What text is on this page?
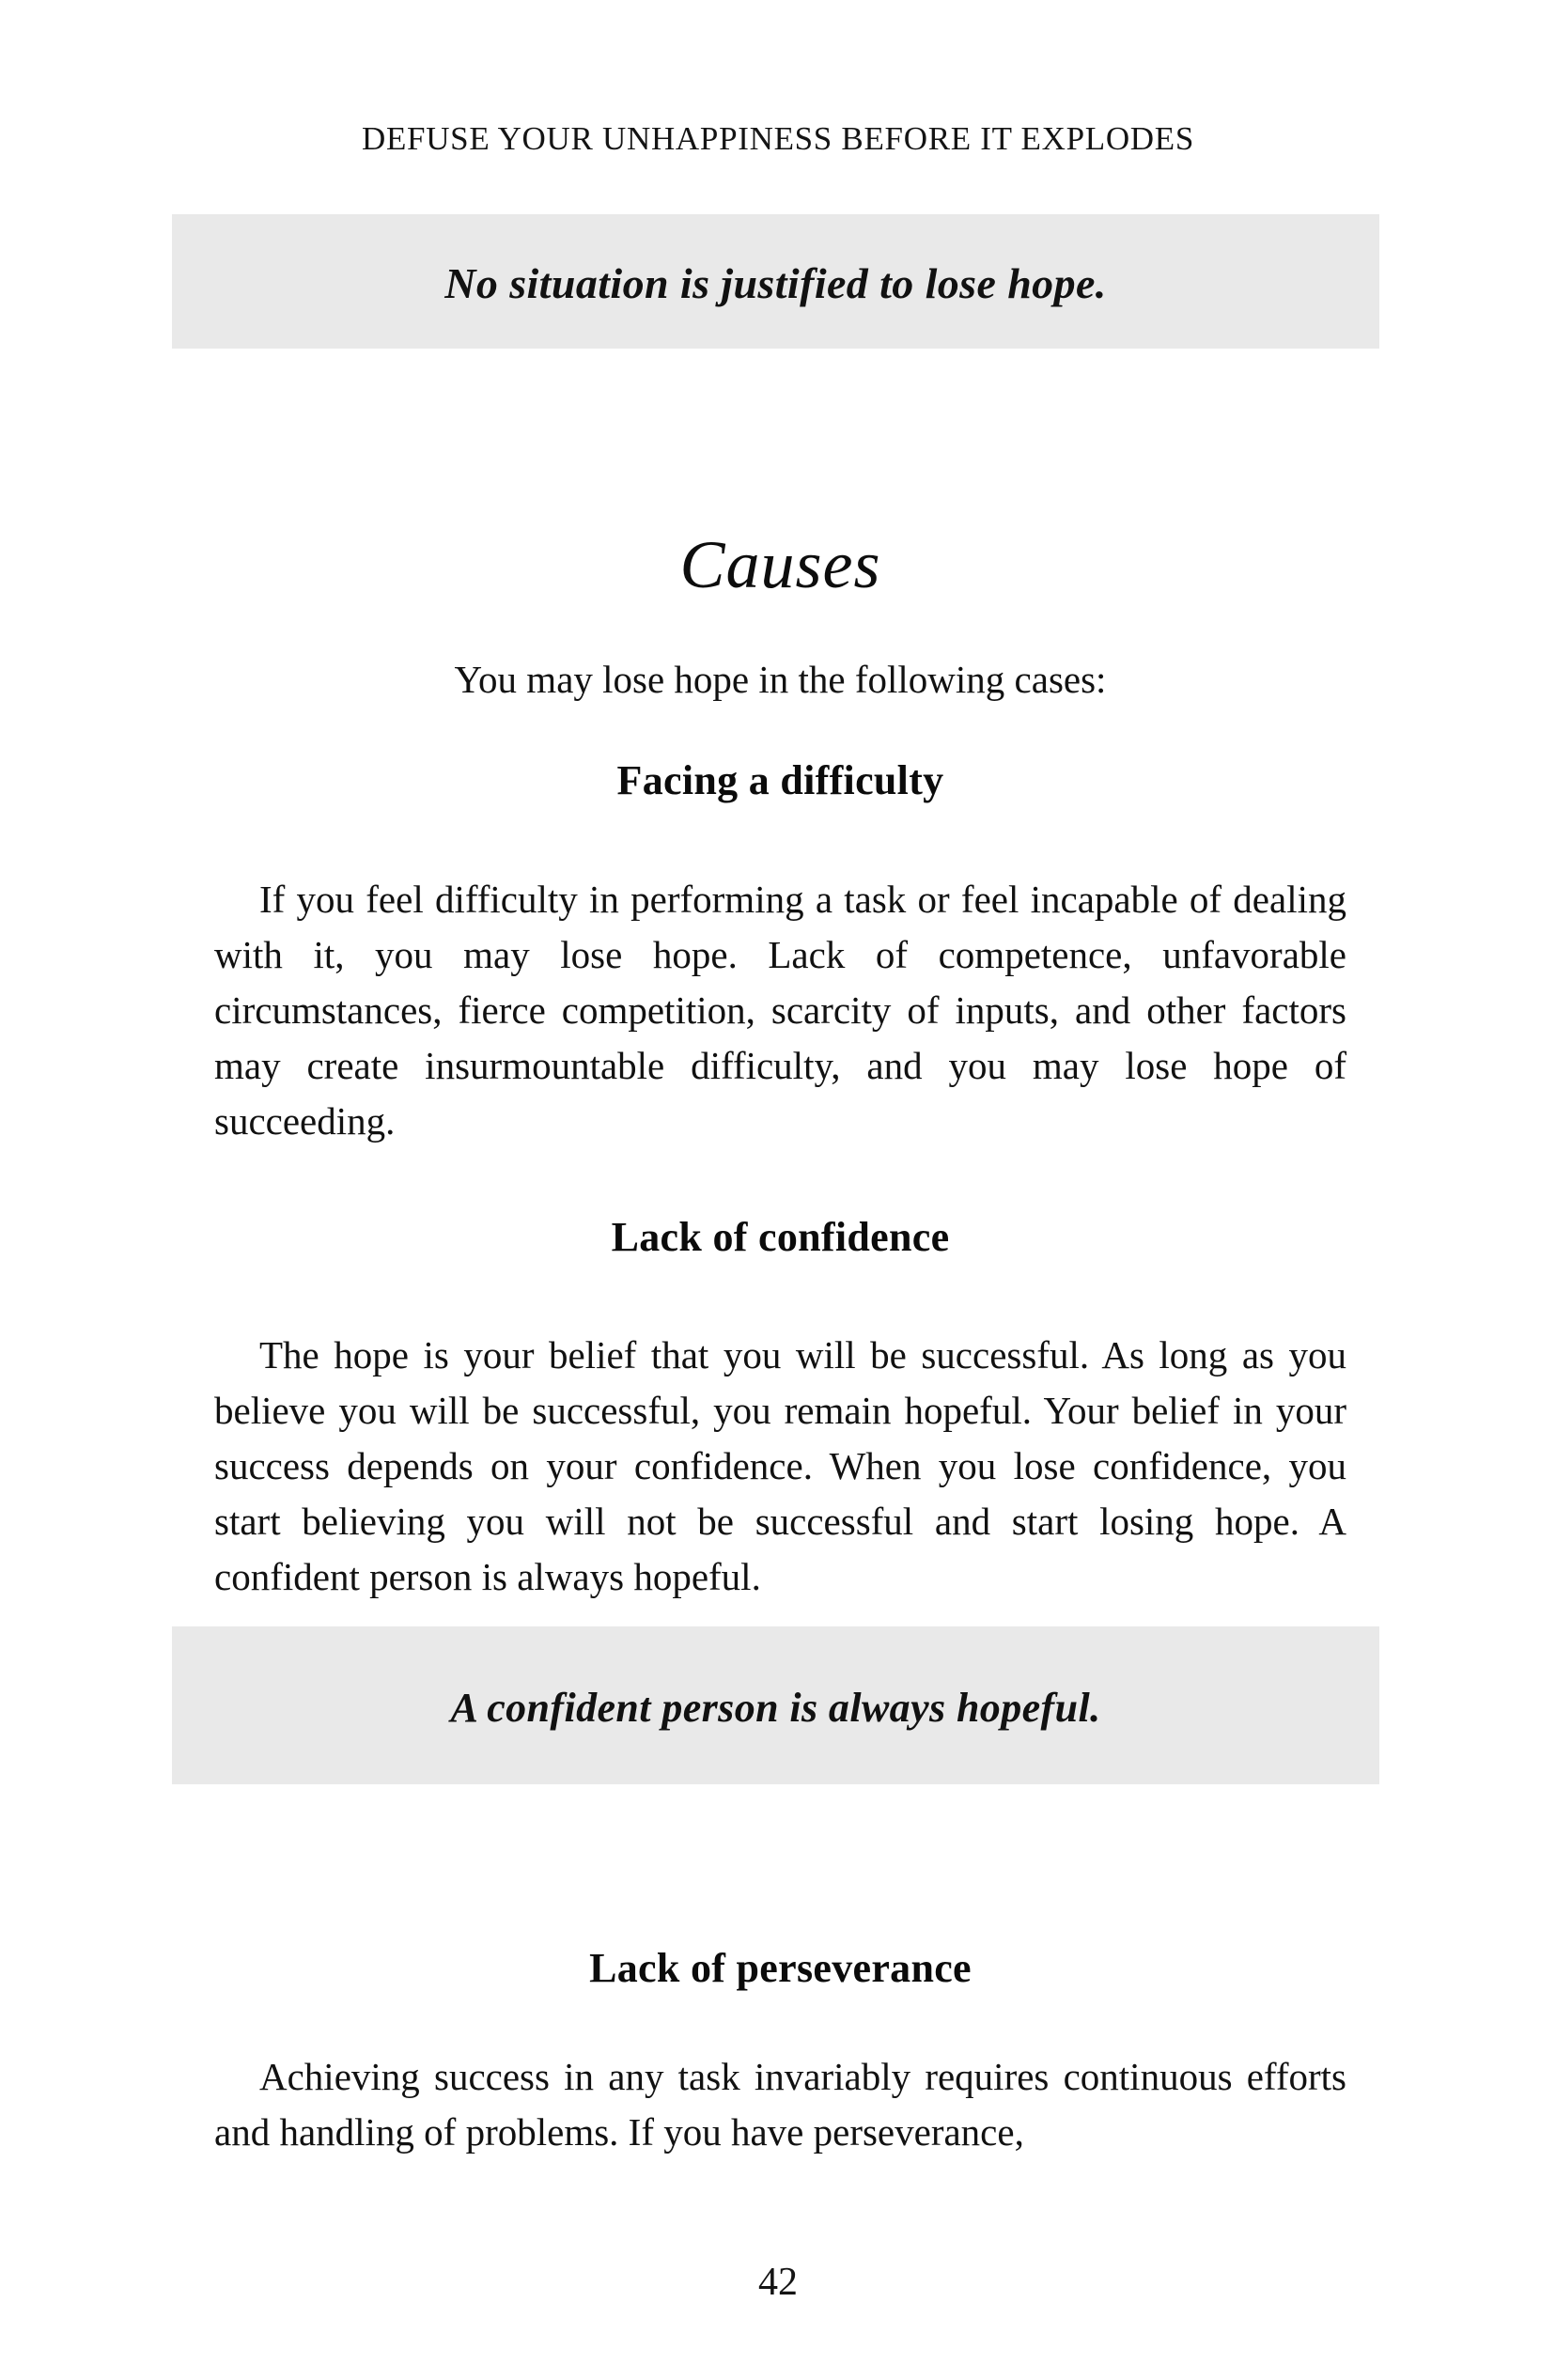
DEFUSE YOUR UNHAPPINESS BEFORE IT EXPLODES
No situation is justified to lose hope.
Causes

You may lose hope in the following cases:

Facing a difficulty

If you feel difficulty in performing a task or feel incapable of dealing with it, you may lose hope. Lack of competence, unfavorable circumstances, fierce competition, scarcity of inputs, and other factors may create insurmountable difficulty, and you may lose hope of succeeding.

Lack of confidence

The hope is your belief that you will be successful. As long as you believe you will be successful, you remain hopeful. Your belief in your success depends on your confidence. When you lose confidence, you start believing you will not be successful and start losing hope. A confident person is always hopeful.

Lack of perseverance

Achieving success in any task invariably requires continuous efforts and handling of problems. If you have perseverance,

A confident person is always hopeful.
42
